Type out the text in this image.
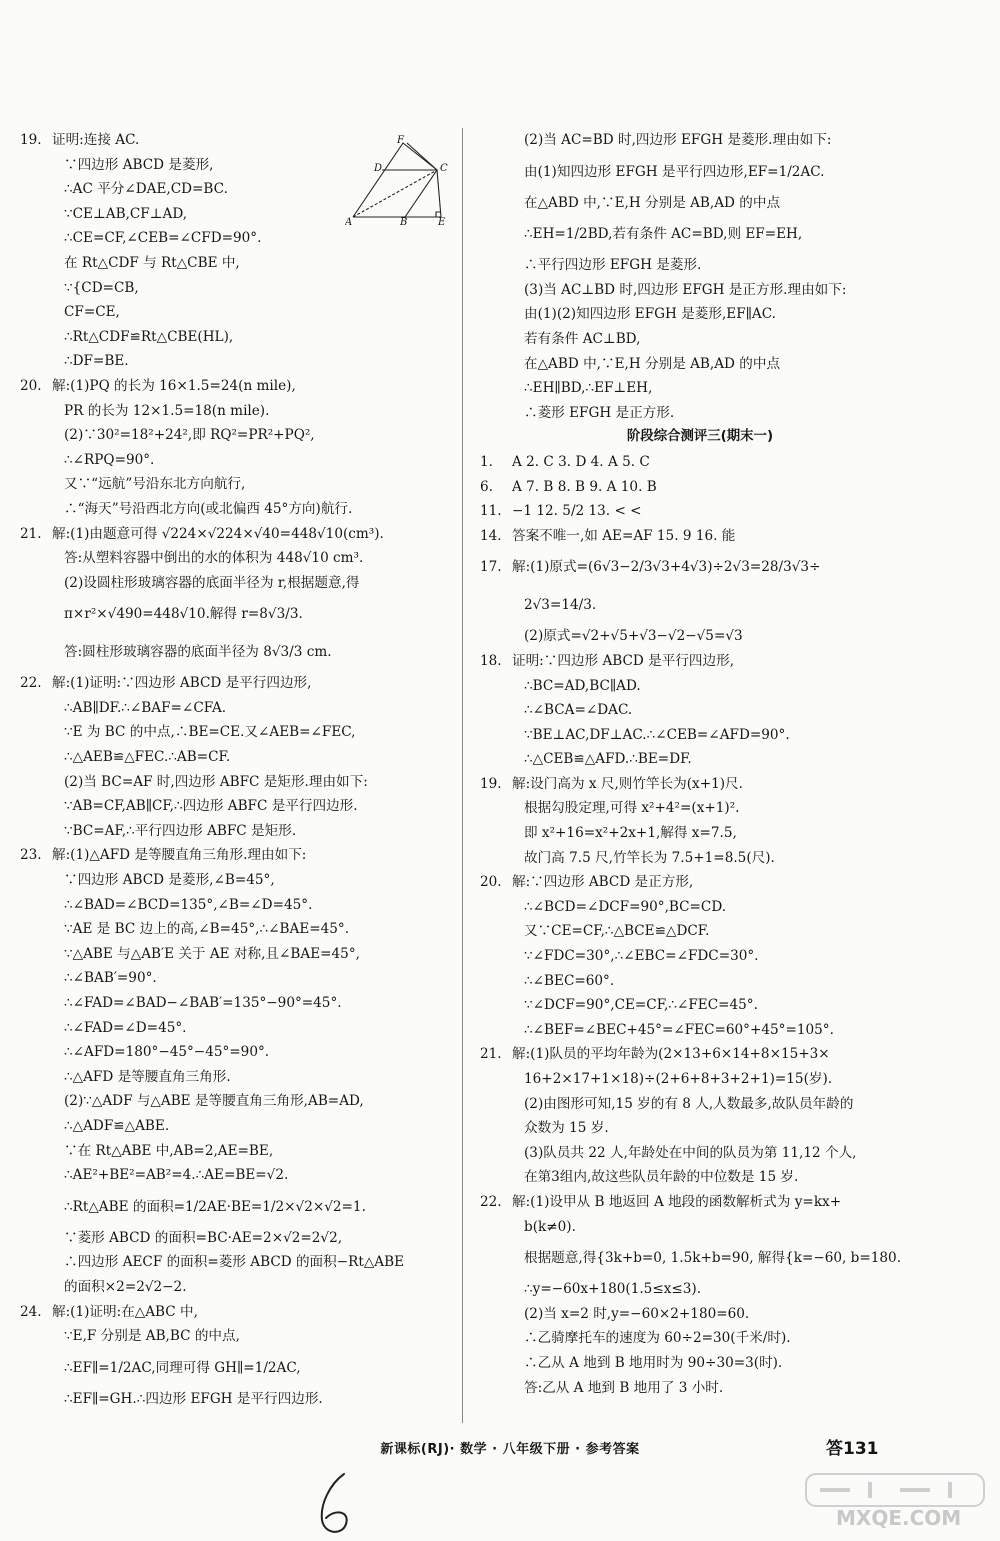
19. 证明:连接 AC.
∵四边形 ABCD 是菱形,
∴AC 平分∠DAE,CD=BC.
∵CE⊥AB,CF⊥AD,
∴CE=CF,∠CEB=∠CFD=90°.
在 Rt△CDF 与 Rt△CBE 中,
∵{CD=CB,
CF=CE,
∴Rt△CDF≌Rt△CBE(HL),
∴DF=BE.
20. 解:(1)PQ 的长为 16×1.5=24(n mile),
PR 的长为 12×1.5=18(n mile).
(2)∵30²=18²+24²,即 RQ²=PR²+PQ²,
∴∠RPQ=90°.
又∵“远航”号沿东北方向航行,
∴“海天”号沿西北方向(或北偏西 45°方向)航行.
21. 解:(1)由题意可得 √224×√224×√40=448√10(cm³).
答:从塑料容器中倒出的水的体积为 448√10 cm³.
(2)设圆柱形玻璃容器的底面半径为 r,根据题意,得
π×r²×√490=448√10.解得 r=8√3/3.
答:圆柱形玻璃容器的底面半径为 8√3/3 cm.
22. 解:(1)证明:∵四边形 ABCD 是平行四边形,
∴AB∥DF.∴∠BAF=∠CFA.
∵E 为 BC 的中点,∴BE=CE.又∠AEB=∠FEC,
∴△AEB≌△FEC.∴AB=CF.
(2)当 BC=AF 时,四边形 ABFC 是矩形.理由如下:
∵AB=CF,AB∥CF,∴四边形 ABFC 是平行四边形.
∵BC=AF,∴平行四边形 ABFC 是矩形.
23. 解:(1)△AFD 是等腰直角三角形.理由如下:
∵四边形 ABCD 是菱形,∠B=45°,
∴∠BAD=∠BCD=135°,∠B=∠D=45°.
∵AE 是 BC 边上的高,∠B=45°,∴∠BAE=45°.
∵△ABE 与△AB′E 关于 AE 对称,且∠BAE=45°,
∴∠BAB′=90°.
∴∠FAD=∠BAD−∠BAB′=135°−90°=45°.
∴∠FAD=∠D=45°.
∴∠AFD=180°−45°−45°=90°.
∴△AFD 是等腰直角三角形.
(2)∵△ADF 与△ABE 是等腰直角三角形,AB=AD,
∴△ADF≌△ABE.
∵在 Rt△ABE 中,AB=2,AE=BE,
∴AE²+BE²=AB²=4.∴AE=BE=√2.
∴Rt△ABE 的面积=1/2AE·BE=1/2×√2×√2=1.
∵菱形 ABCD 的面积=BC·AE=2×√2=2√2,
∴四边形 AECF 的面积=菱形 ABCD 的面积−Rt△ABE
的面积×2=2√2−2.
24. 解:(1)证明:在△ABC 中,
∵E,F 分别是 AB,BC 的中点,
∴EF∥=1/2AC,同理可得 GH∥=1/2AC,
∴EF∥=GH.∴四边形 EFGH 是平行四边形.
(2)当 AC=BD 时,四边形 EFGH 是菱形.理由如下:
由(1)知四边形 EFGH 是平行四边形,EF=1/2AC.
在△ABD 中,∵E,H 分别是 AB,AD 的中点
∴EH=1/2BD,若有条件 AC=BD,则 EF=EH,
∴平行四边形 EFGH 是菱形.
(3)当 AC⊥BD 时,四边形 EFGH 是正方形.理由如下:
由(1)(2)知四边形 EFGH 是菱形,EF∥AC.
若有条件 AC⊥BD,
在△ABD 中,∵E,H 分别是 AB,AD 的中点
∴EH∥BD,∴EF⊥EH,
∴菱形 EFGH 是正方形.
阶段综合测评三(期末一)
1. A 2. C 3. D 4. A 5. C
6. A 7. B 8. B 9. A 10. B
11. −1 12. 5/2 13. < <
14. 答案不唯一,如 AE=AF 15. 9 16. 能
17. 解:(1)原式=(6√3−2/3√3+4√3)÷2√3=28/3√3÷
2√3=14/3.
(2)原式=√2+√5+√3−√2−√5=√3
18. 证明:∵四边形 ABCD 是平行四边形,
∴BC=AD,BC∥AD.
∴∠BCA=∠DAC.
∵BE⊥AC,DF⊥AC.∴∠CEB=∠AFD=90°.
∴△CEB≌△AFD.∴BE=DF.
19. 解:设门高为 x 尺,则竹竿长为(x+1)尺.
根据勾股定理,可得 x²+4²=(x+1)².
即 x²+16=x²+2x+1,解得 x=7.5,
故门高 7.5 尺,竹竿长为 7.5+1=8.5(尺).
20. 解:∵四边形 ABCD 是正方形,
∴∠BCD=∠DCF=90°,BC=CD.
又∵CE=CF,∴△BCE≌△DCF.
∵∠FDC=30°,∴∠EBC=∠FDC=30°.
∴∠BEC=60°.
∵∠DCF=90°,CE=CF,∴∠FEC=45°.
∴∠BEF=∠BEC+45°=∠FEC=60°+45°=105°.
21. 解:(1)队员的平均年龄为(2×13+6×14+8×15+3×
16+2×17+1×18)÷(2+6+8+3+2+1)=15(岁).
(2)由图形可知,15 岁的有 8 人,人数最多,故队员年龄的
众数为 15 岁.
(3)队员共 22 人,年龄处在中间的队员为第 11,12 个人,
在第3组内,故这些队员年龄的中位数是 15 岁.
22. 解:(1)设甲从 B 地返回 A 地段的函数解析式为 y=kx+
b(k≠0).
根据题意,得{3k+b=0, 1.5k+b=90, 解得{k=−60, b=180.
∴y=−60x+180(1.5≤x≤3).
(2)当 x=2 时,y=−60×2+180=60.
∴乙骑摩托车的速度为 60÷2=30(千米/时).
∴乙从 A 地到 B 地用时为 90÷30=3(时).
答:乙从 A 地到 B 地用了 3 小时.
F
D	C
A	B	E
新课标(RJ)· 数学 · 八年级下册 · 参考答案	答131
MXQE.COM
